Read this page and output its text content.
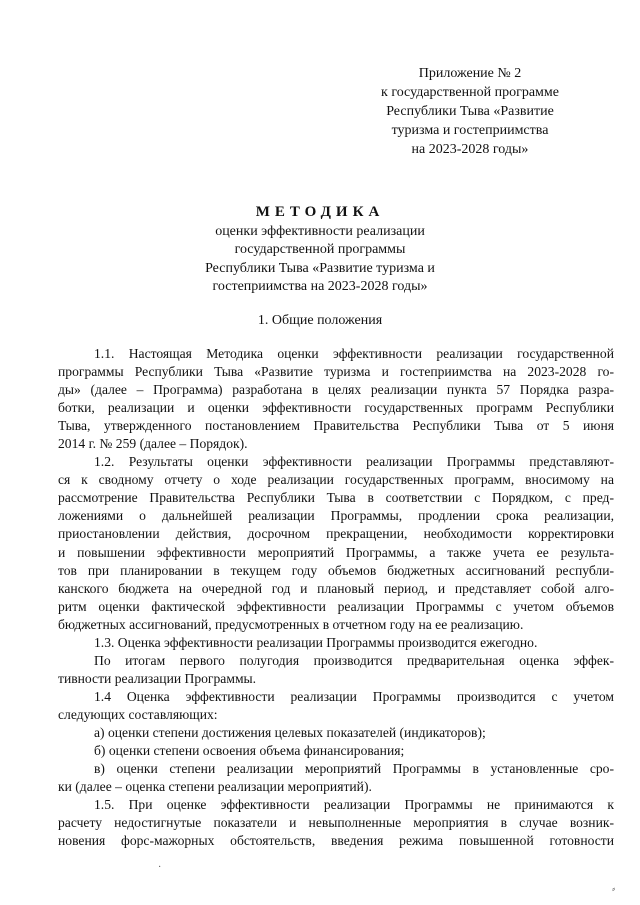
Приложение № 2
к государственной программе
Республики Тыва «Развитие
туризма и гостеприимства
на 2023-2028 годы»
МЕТОДИКА
оценки эффективности реализации
государственной программы
Республики Тыва «Развитие туризма и
гостеприимства на 2023-2028 годы»
1. Общие положения
1.1. Настоящая Методика оценки эффективности реализации государственной
программы Республики Тыва «Развитие туризма и гостеприимства на 2023-2028 го-
ды» (далее – Программа) разработана в целях реализации пункта 57 Порядка разра-
ботки, реализации и оценки эффективности государственных программ Республики
Тыва, утвержденного постановлением Правительства Республики Тыва от 5 июня
2014 г. № 259 (далее – Порядок).
1.2. Результаты оценки эффективности реализации Программы представляют-
ся к сводному отчету о ходе реализации государственных программ, вносимому на
рассмотрение Правительства Республики Тыва в соответствии с Порядком, с пред-
ложениями о дальнейшей реализации Программы, продлении срока реализации,
приостановлении действия, досрочном прекращении, необходимости корректировки
и повышении эффективности мероприятий Программы, а также учета ее результа-
тов при планировании в текущем году объемов бюджетных ассигнований республи-
канского бюджета на очередной год и плановый период, и представляет собой алго-
ритм оценки фактической эффективности реализации Программы с учетом объемов
бюджетных ассигнований, предусмотренных в отчетном году на ее реализацию.
1.3. Оценка эффективности реализации Программы производится ежегодно.
По итогам первого полугодия производится предварительная оценка эффек-
тивности реализации Программы.
1.4 Оценка эффективности реализации Программы производится с учетом
следующих составляющих:
а) оценки степени достижения целевых показателей (индикаторов);
б) оценки степени освоения объема финансирования;
в) оценки степени реализации мероприятий Программы в установленные сро-
ки (далее – оценка степени реализации мероприятий).
1.5. При оценке эффективности реализации Программы не принимаются к
расчету недостигнутые показатели и невыполненные мероприятия в случае возник-
новения форс-мажорных обстоятельств, введения режима повышенной готовности
·
⸗
